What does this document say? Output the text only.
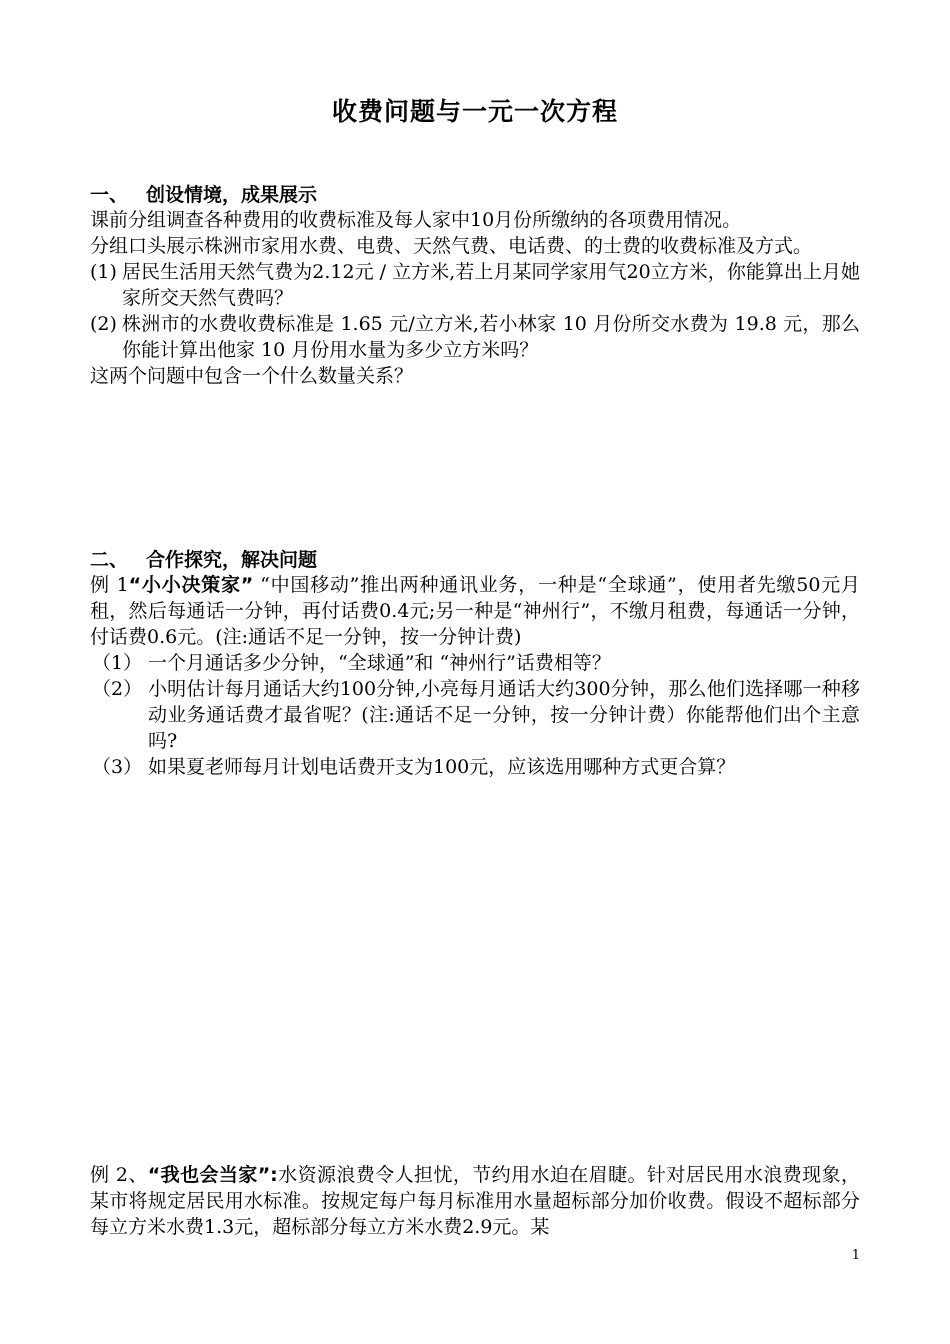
收费问题与一元一次方程
一、 创设情境，成果展示

课前分组调查各种费用的收费标准及每人家中10月份所缴纳的各项费用情况。

分组口头展示株洲市家用水费、电费、天然气费、电话费、的士费的收费标准及方式。

(1) 居民生活用天然气费为2.12元 / 立方米,若上月某同学家用气20立方米，你能算出上月她家所交天然气费吗？

(2) 株洲市的水费收费标准是 1.65 元/立方米,若小林家 10 月份所交水费为 19.8 元，那么你能计算出他家 10 月份用水量为多少立方米吗？

这两个问题中包含一个什么数量关系？

二、 合作探究，解决问题

例 1“小小决策家” “中国移动”推出两种通讯业务，一种是“全球通”，使用者先缴50元月租，然后每通话一分钟，再付话费0.4元;另一种是“神州行”，不缴月租费，每通话一分钟，付话费0.6元。(注:通话不足一分钟，按一分钟计费)

（1） 一个月通话多少分钟，“全球通”和 “神州行”话费相等？

（2） 小明估计每月通话大约100分钟,小亮每月通话大约300分钟，那么他们选择哪一种移动业务通话费才最省呢？(注:通话不足一分钟，按一分钟计费）你能帮他们出个主意吗?

（3） 如果夏老师每月计划电话费开支为100元，应该选用哪种方式更合算？

例 2、“我也会当家”:水资源浪费令人担忧，节约用水迫在眉睫。针对居民用水浪费现象，某市将规定居民用水标准。按规定每户每月标准用水量超标部分加价收费。假设不超标部分每立方米水费1.3元，超标部分每立方米水费2.9元。某

1
